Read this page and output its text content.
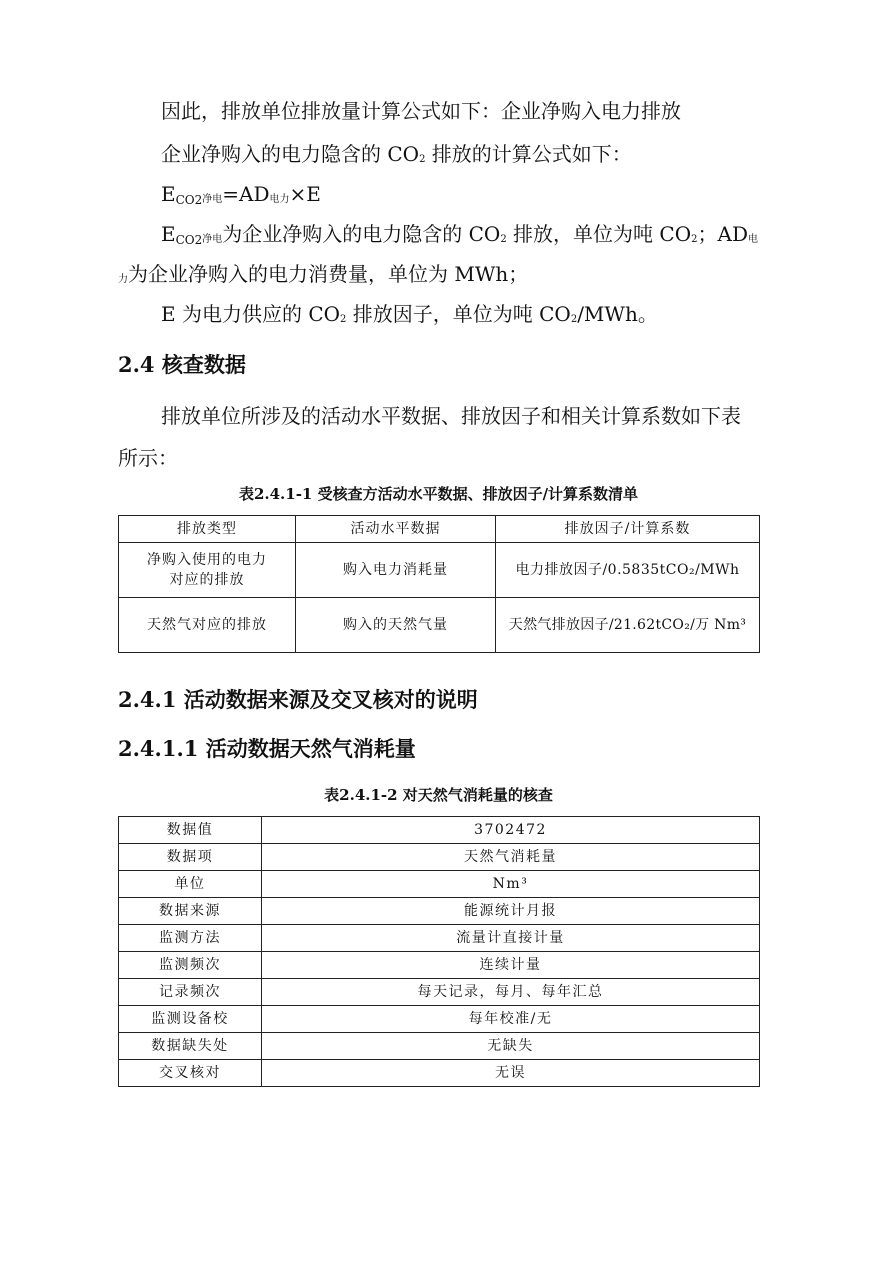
因此，排放单位排放量计算公式如下：企业净购入电力排放
企业净购入的电力隐含的 CO2 排放的计算公式如下：
ECO2净电=AD电力×E
ECO2净电为企业净购入的电力隐含的 CO2 排放，单位为吨 CO2；AD电
力为企业净购入的电力消费量，单位为 MWh；
E 为电力供应的 CO2 排放因子，单位为吨 CO2/MWh。
2.4 核查数据
排放单位所涉及的活动水平数据、排放因子和相关计算系数如下表
所示：
表2.4.1-1 受核查方活动水平数据、排放因子/计算系数清单
排放类型	活动水平数据	排放因子/计算系数
净购入使用的电力对应的排放	购入电力消耗量	电力排放因子/0.5835tCO₂/MWh
天然气对应的排放	购入的天然气量	天然气排放因子/21.62tCO₂/万 Nm³
2.4.1 活动数据来源及交叉核对的说明
2.4.1.1 活动数据天然气消耗量
表2.4.1-2 对天然气消耗量的核查
数据值	3702472
数据项	天然气消耗量
单位	Nm³
数据来源	能源统计月报
监测方法	流量计直接计量
监测频次	连续计量
记录频次	每天记录，每月、每年汇总
监测设备校	每年校准/无
数据缺失处	无缺失
交叉核对	无误
